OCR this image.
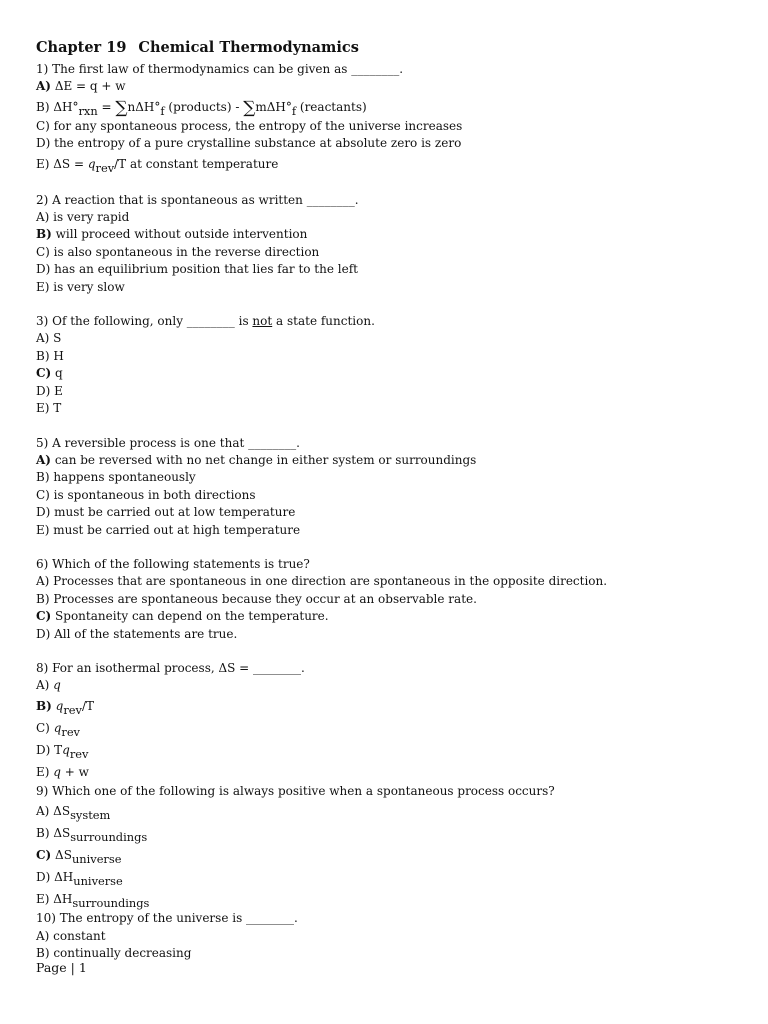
Chapter 19 Chemical Thermodynamics
1) The first law of thermodynamics can be given as ________.
A) ΔE = q + w
B) $\Delta H^\circ_{rxn} = \sum n\Delta H^\circ_f$ (products) - $\sum m\Delta H^\circ_f$ (reactants)
C) for any spontaneous process, the entropy of the universe increases
D) the entropy of a pure crystalline substance at absolute zero is zero
E) $\Delta S = q_{rev}/T$ at constant temperature
2) A reaction that is spontaneous as written ________.
A) is very rapid
B) will proceed without outside intervention
C) is also spontaneous in the reverse direction
D) has an equilibrium position that lies far to the left
E) is very slow
3) Of the following, only ________ is not a state function.
A) S
B) H
C) q
D) E
E) T
5) A reversible process is one that ________.
A) can be reversed with no net change in either system or surroundings
B) happens spontaneously
C) is spontaneous in both directions
D) must be carried out at low temperature
E) must be carried out at high temperature
6) Which of the following statements is true?
A) Processes that are spontaneous in one direction are spontaneous in the opposite direction.
B) Processes are spontaneous because they occur at an observable rate.
C) Spontaneity can depend on the temperature.
D) All of the statements are true.
8) For an isothermal process, ΔS = ________.
A) q
B) $q_{rev}/T$
C) $q_{rev}$
D) $Tq_{rev}$
E) q + w
9) Which one of the following is always positive when a spontaneous process occurs?
A) $\Delta S_{system}$
B) $\Delta S_{surroundings}$
C) $\Delta S_{universe}$
D) $\Delta H_{universe}$
E) $\Delta H_{surroundings}$
10) The entropy of the universe is ________.
A) constant
B) continually decreasing
Page | 1
